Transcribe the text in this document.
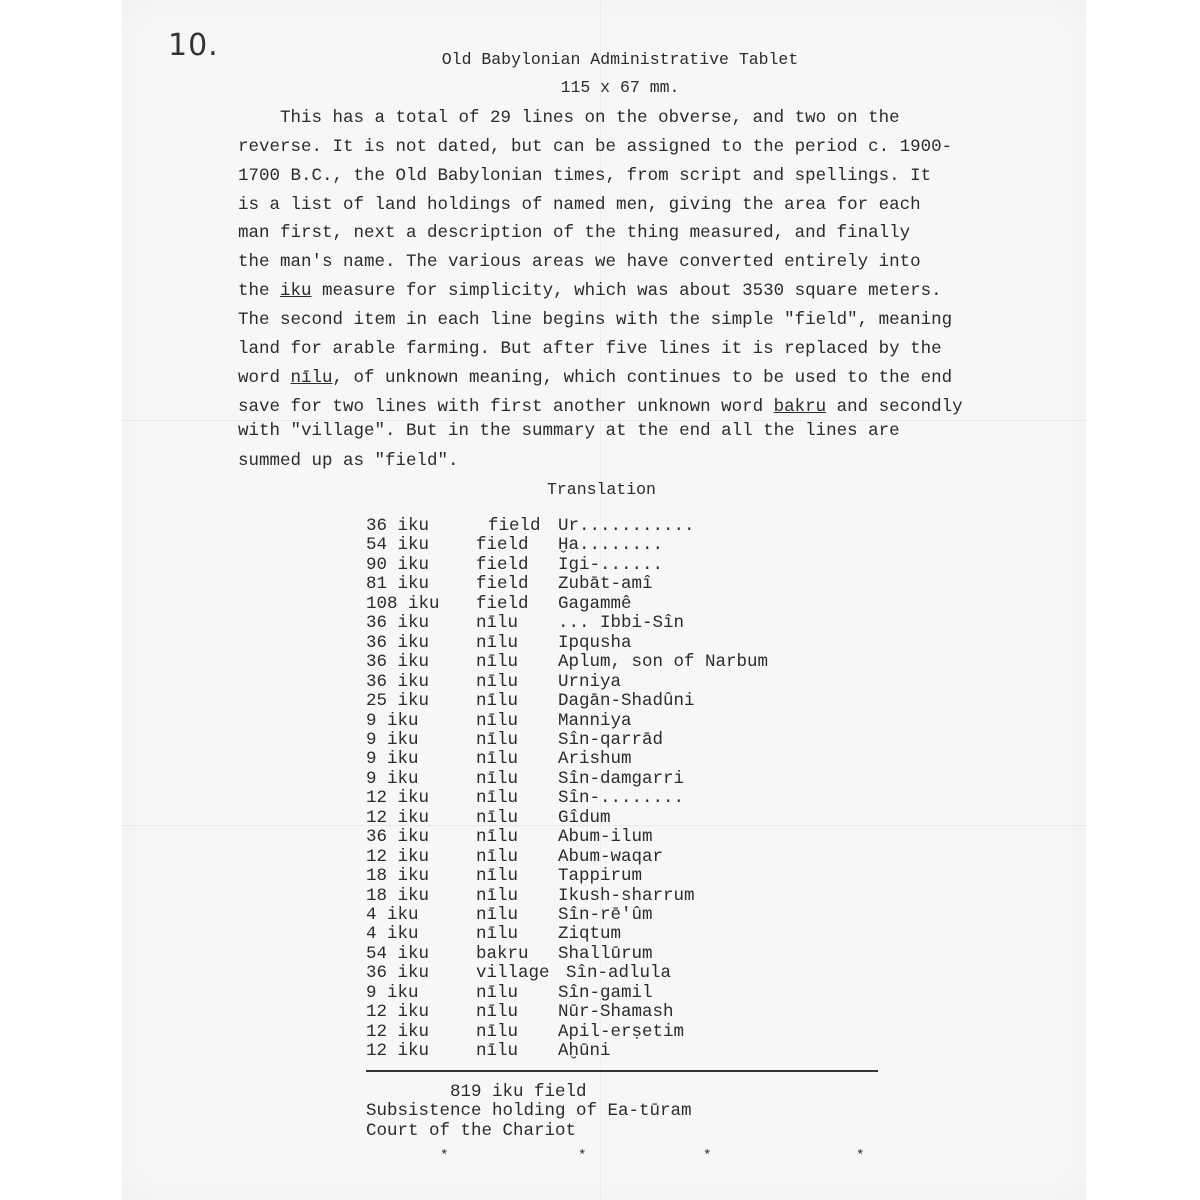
10.	Old Babylonian Administrative Tablet
115 x 67 mm.
This has a total of 29 lines on the obverse, and two on the
reverse. It is not dated, but can be assigned to the period c. 1900-
1700 B.C., the Old Babylonian times, from script and spellings. It
is a list of land holdings of named men, giving the area for each
man first, next a description of the thing measured, and finally
the man's name. The various areas we have converted entirely into
the iku measure for simplicity, which was about 3530 square meters.
The second item in each line begins with the simple "field", meaning
land for arable farming. But after five lines it is replaced by the
word nīlu, of unknown meaning, which continues to be used to the end
save for two lines with first another unknown word bakru and secondly
with "village". But in the summary at the end all the lines are
summed up as "field".
Translation
36 iku	field Ur...........
54 iku	field Ḫa........
90 iku	field Igi-......
81 iku	field Zubāt-amî
108 iku field Gagammê
36 iku	nīlu ... Ibbi-Sîn
36 iku	nīlu Ipqusha
36 iku	nīlu Aplum, son of Narbum
36 iku	nīlu Urniya
25 iku	nīlu Dagān-Shadûni
9 iku	nīlu Manniya
9 iku	nīlu Sîn-qarrād
9 iku	nīlu Arishum
9 iku	nīlu Sîn-damgarri
12 iku	nīlu Sîn-........
12 iku	nīlu Gîdum
36 iku	nīlu Abum-ilum
12 iku	nīlu Abum-waqar
18 iku	nīlu Tappirum
18 iku	nīlu Ikush-sharrum
4 iku	nīlu Sîn-rē'ûm
4 iku	nīlu Ziqtum
54 iku	bakru Shallūrum
36 iku	village Sîn-adlula
9 iku	nīlu Sîn-gamil
12 iku	nīlu Nūr-Shamash
12 iku	nīlu Apil-erṣetim
12 iku	nīlu Aḫūni
819 iku field
Subsistence holding of Ea-tūram
Court of the Chariot
*	*	*	*
